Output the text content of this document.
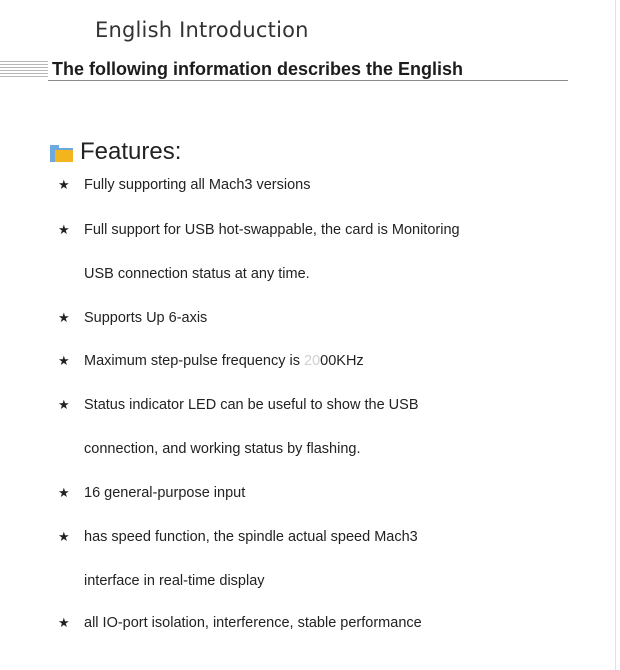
English Introduction
The following information describes the English
Features:
★ Fully supporting all Mach3 versions
★ Full support for USB hot-swappable, the card is Monitoring
USB connection status at any time.
★ Supports Up 6-axis
★ Maximum step-pulse frequency is 2000KHz
★ Status indicator LED can be useful to show the USB
connection, and working status by flashing.
★ 16 general-purpose input
★ has speed function, the spindle actual speed Mach3
interface in real-time display
★ all IO-port isolation, interference, stable performance
